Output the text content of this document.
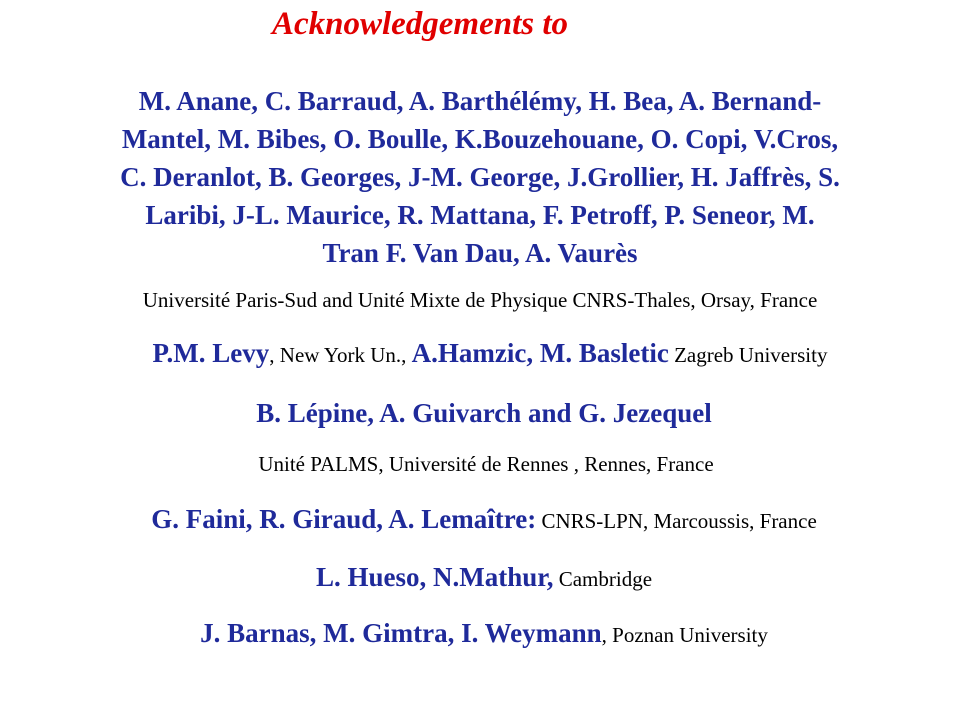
Acknowledgements to
M. Anane, C. Barraud, A. Barthélémy, H. Bea, A. Bernand-
Mantel, M. Bibes, O. Boulle, K.Bouzehouane, O. Copi, V.Cros,
C. Deranlot, B. Georges, J-M. George, J.Grollier, H. Jaffrès, S.
Laribi, J-L. Maurice, R. Mattana, F. Petroff, P. Seneor, M.
Tran F. Van Dau, A. Vaurès
Université Paris-Sud and Unité Mixte de Physique CNRS-Thales, Orsay, France
P.M. Levy, New York Un., A.Hamzic, M. Basletic Zagreb University
B. Lépine, A. Guivarch and G. Jezequel
Unité PALMS, Université de Rennes , Rennes, France
G. Faini, R. Giraud, A. Lemaître: CNRS-LPN, Marcoussis, France
L. Hueso, N.Mathur, Cambridge
J. Barnas, M. Gimtra, I. Weymann, Poznan University
